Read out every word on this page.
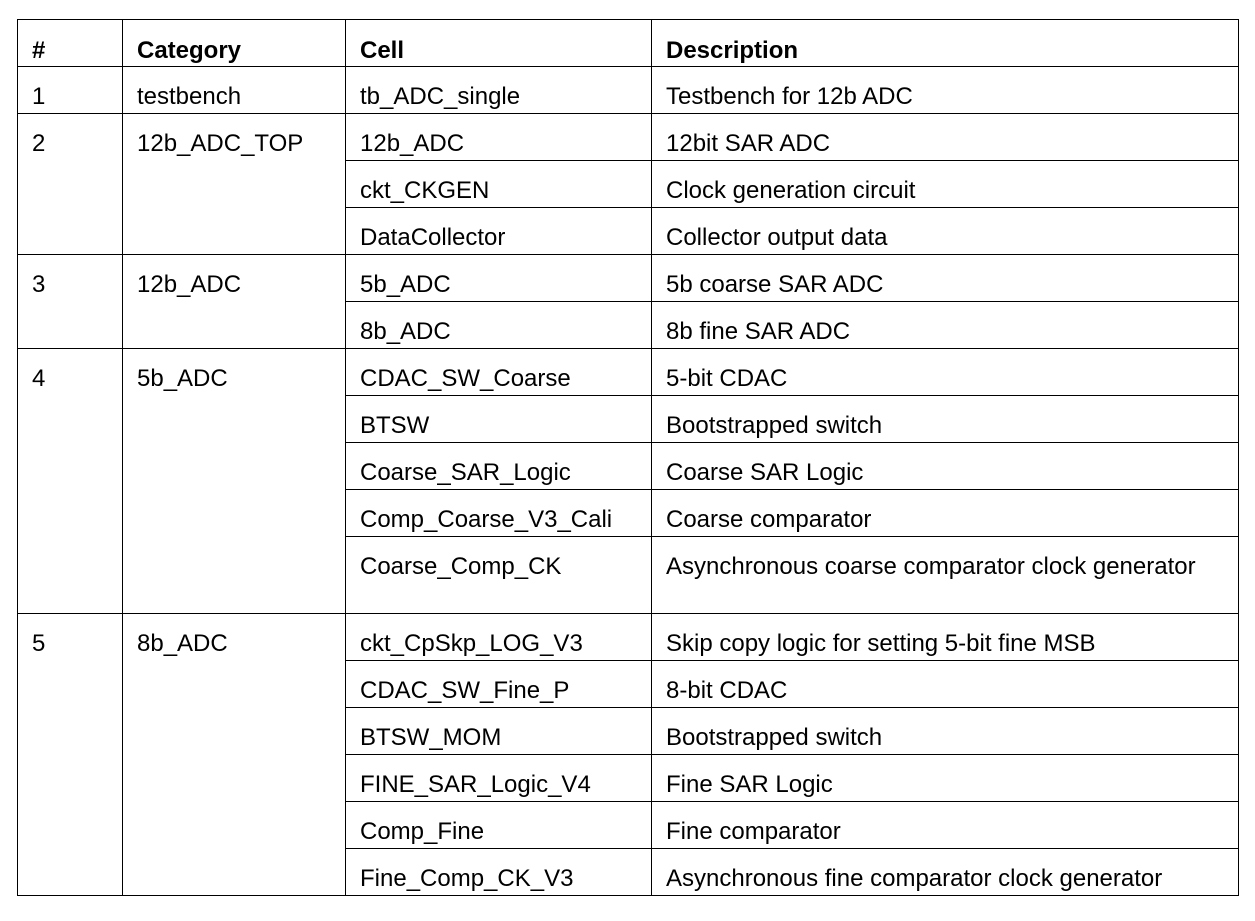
#	Category	Cell	Description
1	testbench	tb_ADC_single	Testbench for 12b ADC
2	12b_ADC_TOP	12b_ADC	12bit SAR ADC
		ckt_CKGEN	Clock generation circuit
		DataCollector	Collector output data
3	12b_ADC	5b_ADC	5b coarse SAR ADC
		8b_ADC	8b fine SAR ADC
4	5b_ADC	CDAC_SW_Coarse	5-bit CDAC
		BTSW	Bootstrapped switch
		Coarse_SAR_Logic	Coarse SAR Logic
		Comp_Coarse_V3_Cali	Coarse comparator
		Coarse_Comp_CK	Asynchronous coarse comparator clock generator
5	8b_ADC	ckt_CpSkp_LOG_V3	Skip copy logic for setting 5-bit fine MSB
		CDAC_SW_Fine_P	8-bit CDAC
		BTSW_MOM	Bootstrapped switch
		FINE_SAR_Logic_V4	Fine SAR Logic
		Comp_Fine	Fine comparator
		Fine_Comp_CK_V3	Asynchronous fine comparator clock generator
